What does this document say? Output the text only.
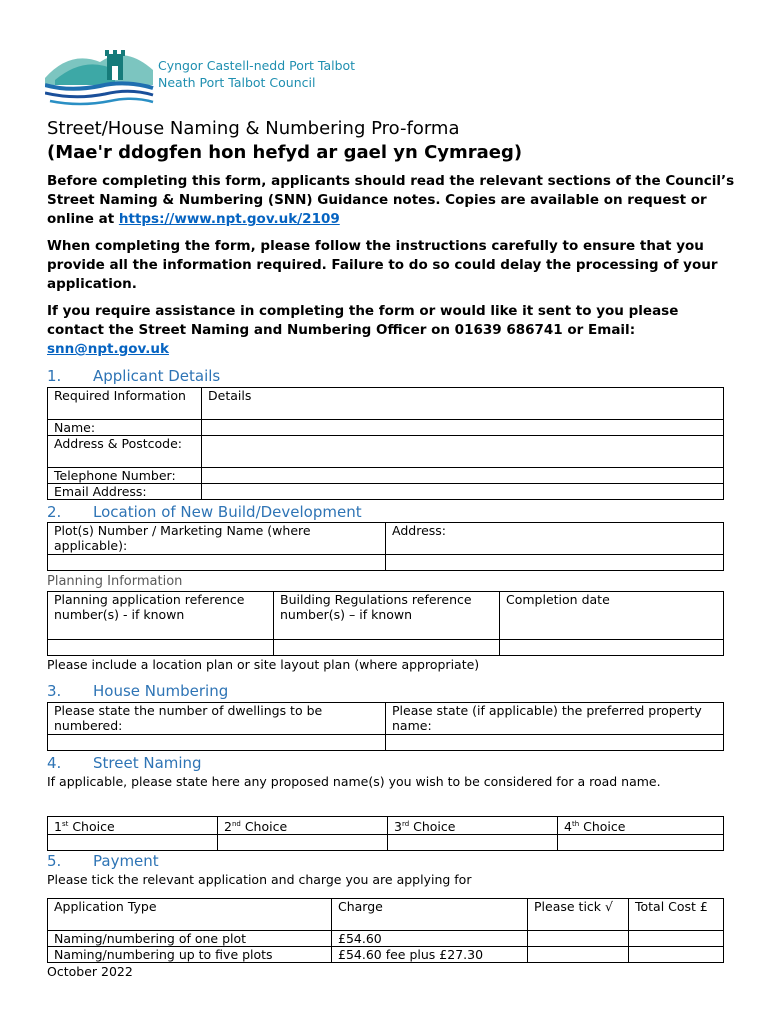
Cyngor Castell-nedd Port Talbot
Neath Port Talbot Council
Street/House Naming & Numbering Pro-forma
(Mae'r ddogfen hon hefyd ar gael yn Cymraeg)
Before completing this form, applicants should read the relevant sections of the Council’s Street Naming & Numbering (SNN) Guidance notes. Copies are available on request or online at https://www.npt.gov.uk/2109
When completing the form, please follow the instructions carefully to ensure that you provide all the information required. Failure to do so could delay the processing of your application.
If you require assistance in completing the form or would like it sent to you please contact the Street Naming and Numbering Officer on 01639 686741 or Email: snn@npt.gov.uk
1. Applicant Details
Required Information	Details
Name:	
Address & Postcode:	
Telephone Number:	
Email Address:	
2. Location of New Build/Development
Plot(s) Number / Marketing Name (where applicable):	Address:

Planning Information
Planning application reference number(s) - if known	Building Regulations reference number(s) – if known	Completion date

Please include a location plan or site layout plan (where appropriate)
3. House Numbering
Please state the number of dwellings to be numbered:	Please state (if applicable) the preferred property name:

4. Street Naming
If applicable, please state here any proposed name(s) you wish to be considered for a road name.
1st Choice	2nd Choice	3rd Choice	4th Choice

5. Payment
Please tick the relevant application and charge you are applying for
Application Type	Charge	Please tick √	Total Cost £
Naming/numbering of one plot	£54.60		
Naming/numbering up to five plots	£54.60 fee plus £27.30		
October 2022
